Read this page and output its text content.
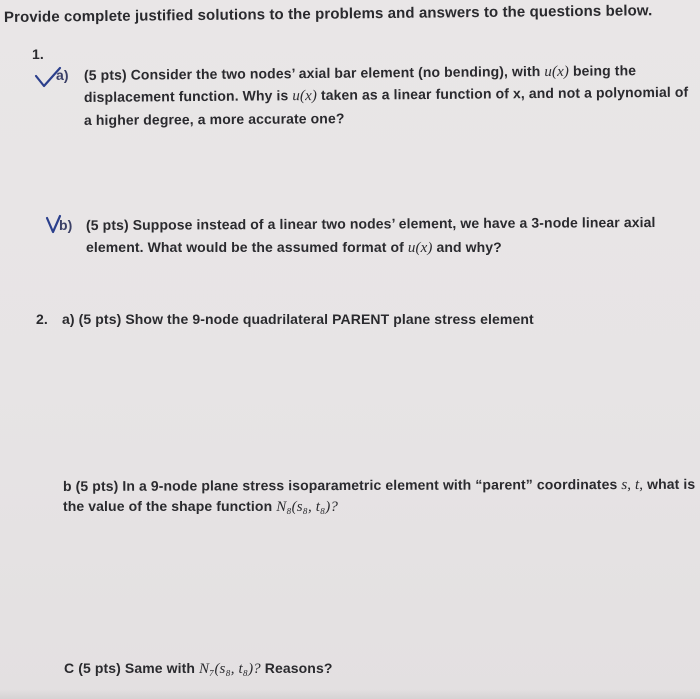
Provide complete justified solutions to the problems and answers to the questions below.
1.
a) (5 pts) Consider the two nodes’ axial bar element (no bending), with u(x) being the
displacement function. Why is u(x) taken as a linear function of x, and not a polynomial of
a higher degree, a more accurate one?
b) (5 pts) Suppose instead of a linear two nodes’ element, we have a 3-node linear axial
element. What would be the assumed format of u(x) and why?
2. a) (5 pts) Show the 9-node quadrilateral PARENT plane stress element
b (5 pts) In a 9-node plane stress isoparametric element with “parent” coordinates s, t, what is
the value of the shape function N₈(s₈, t₈)?
C (5 pts) Same with N₇(s₈, t₈)? Reasons?
